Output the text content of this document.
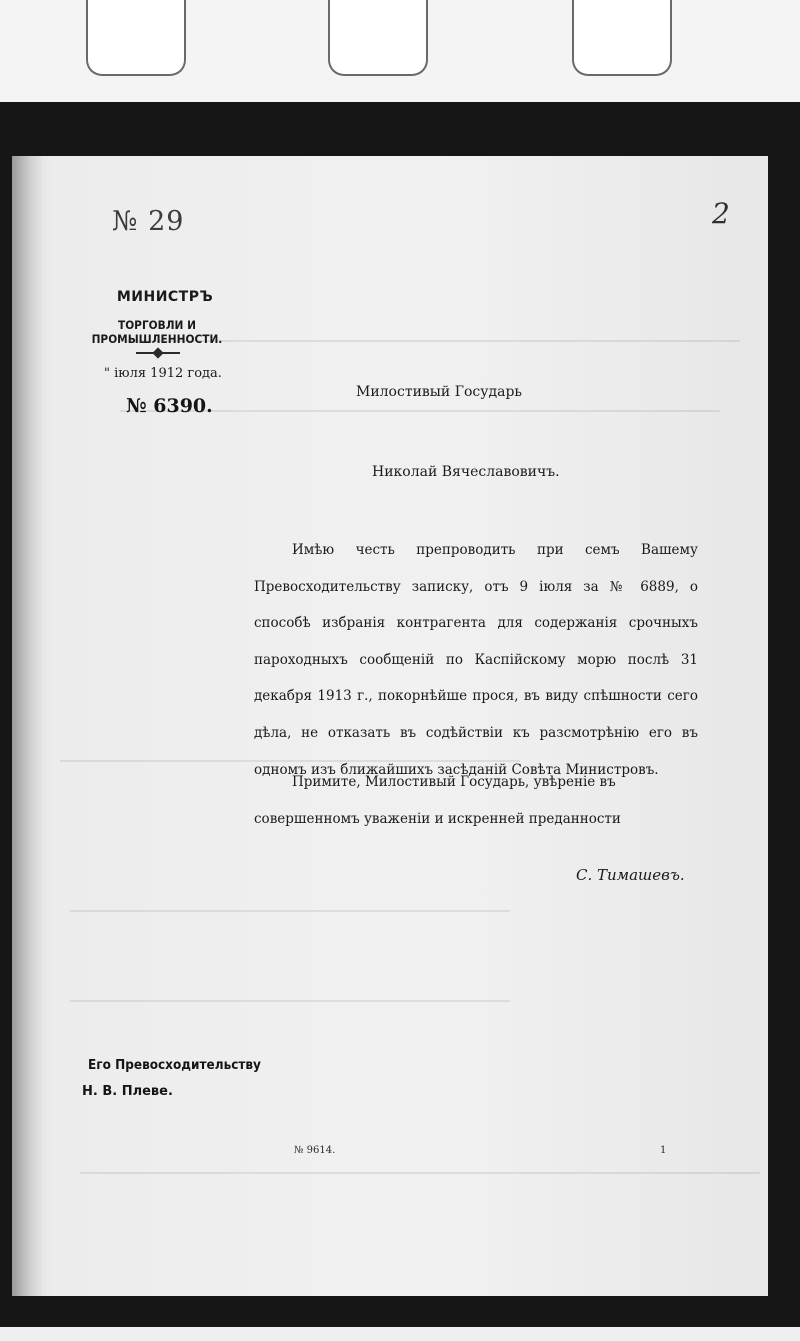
№ 29	2
МИНИСТРЪ
ТОРГОВЛИ И ПРОМЫШЛЕННОСТИ.
" іюля 1912 года.
№ 6390.
Милостивый Государь
Николай Вячеславовичъ.

Имѣю честь препроводить при семъ Вашему Превосходительству записку, отъ 9 іюля за № 6889, о способѣ избранія контрагента для содержанія срочныхъ пароходныхъ сообщеній по Каспійскому морю послѣ 31 декабря 1913 г., покорнѣйше прося, въ виду спѣшности сего дѣла, не отказать въ содѣйствіи къ разсмотрѣнію его въ одномъ изъ ближайшихъ засѣданій Совѣта Министровъ.

Примите, Милостивый Государь, увѣреніе въ совершенномъ уваженіи и искренней преданности

С. Тимашевъ.
Его Превосходительству
Н. В. Плеве.
№ 9614.	1
